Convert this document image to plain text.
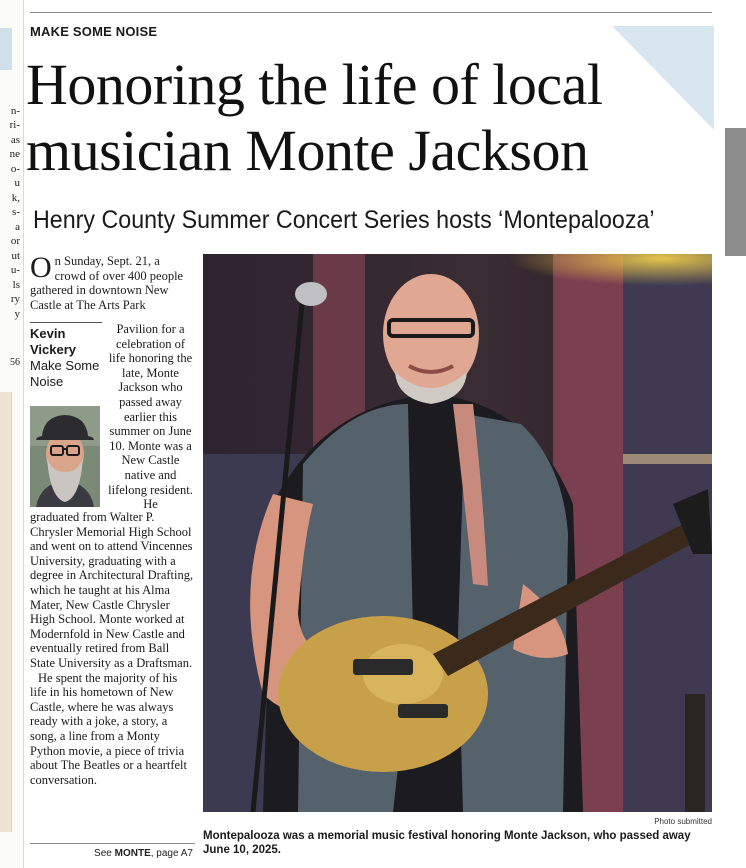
n-
ri-
as
ne
o-
u
k,
s-
a
or
ut
u-
ls
ry
y
56
MAKE SOME NOISE
Honoring the life of local
musician Monte Jackson
Henry County Summer Concert Series hosts ‘Montepalooza’

On Sunday, Sept. 21, a crowd of over 400 people gathered in downtown New Castle at The Arts Park

Kevin
Vickery
Make Some
Noise
Pavilion for a celebration of life honoring the late, Monte Jackson who passed away earlier this summer on June 10. Monte was a New Castle native and lifelong resident. He

graduated from Walter P. Chrysler Memorial High School and went on to attend Vincennes University, graduating with a degree in Architectural Drafting, which he taught at his Alma Mater, New Castle Chrysler High School. Monte worked at Modernfold in New Castle and eventually retired from Ball State University as a Draftsman.

He spent the majority of his life in his hometown of New Castle, where he was always ready with a joke, a story, a song, a line from a Monty Python movie, a piece of trivia about The Beatles or a heartfelt conversation.

See MONTE, page A7
Photo submitted
Montepalooza was a memorial music festival honoring Monte Jackson, who passed away June 10, 2025.
